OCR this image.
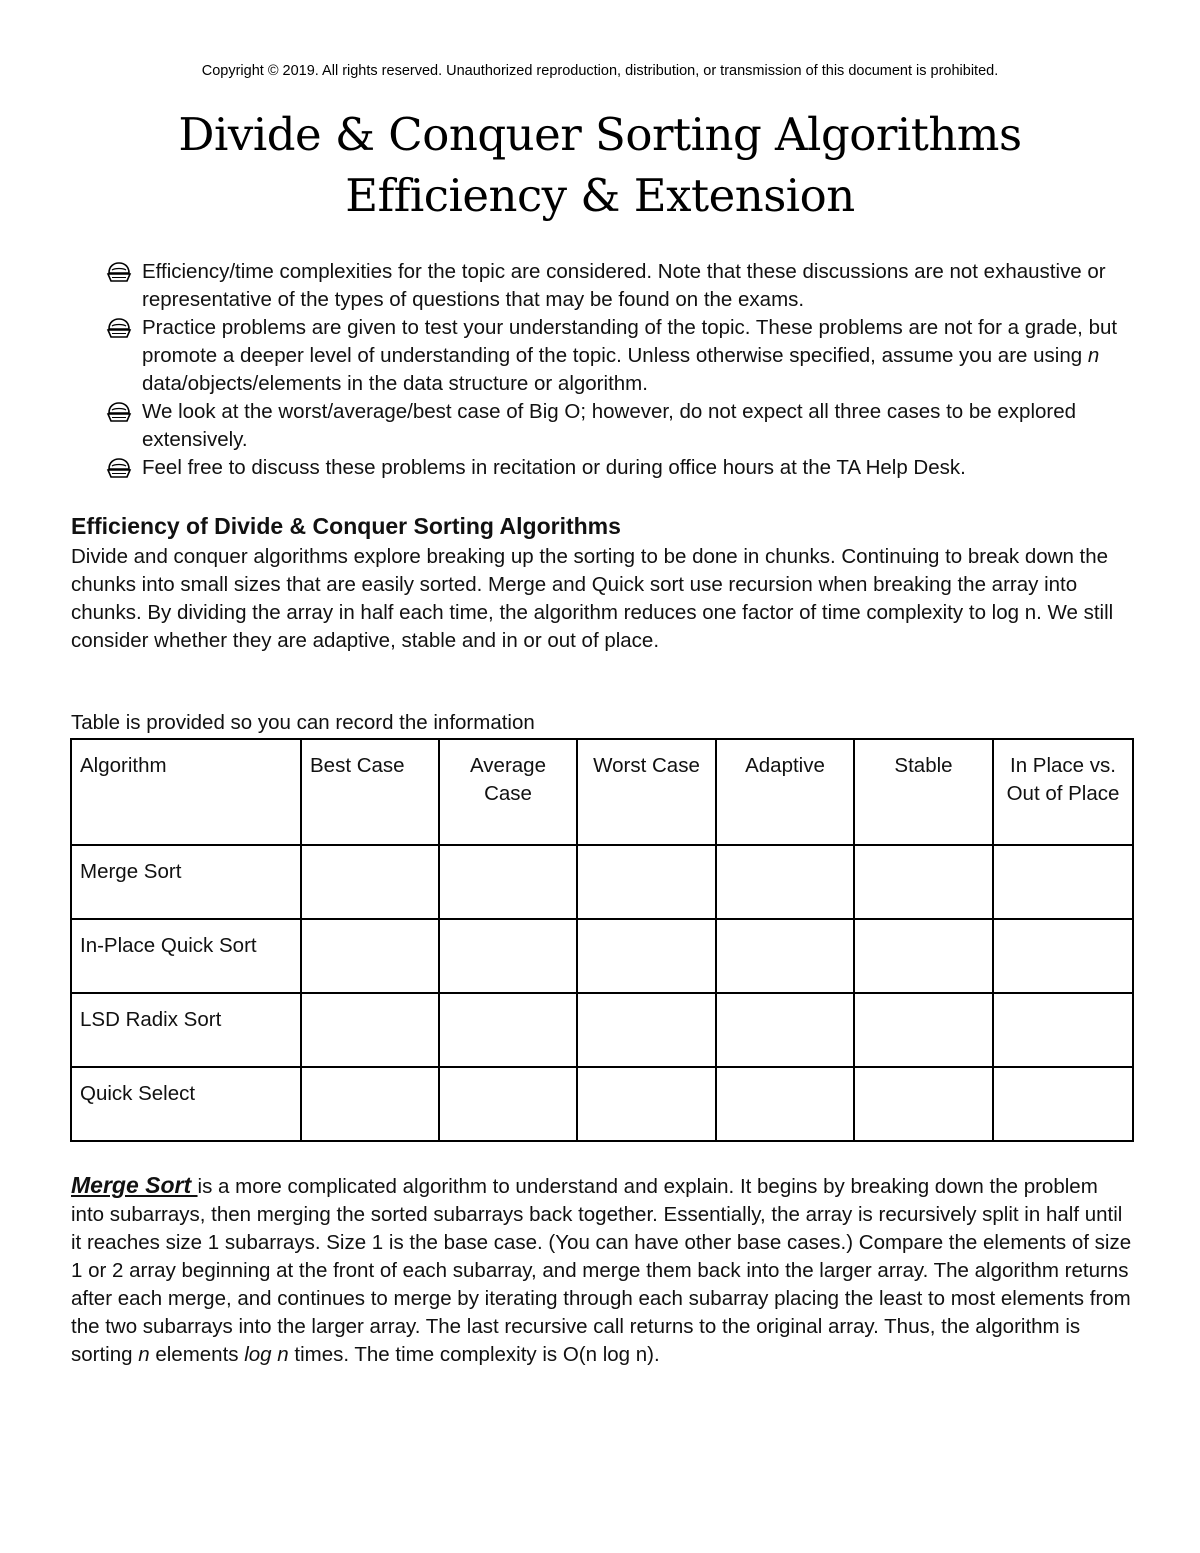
Copyright © 2019. All rights reserved. Unauthorized reproduction, distribution, or transmission of this document is prohibited.
Divide & Conquer Sorting Algorithms
Efficiency & Extension
Efficiency/time complexities for the topic are considered. Note that these discussions are not exhaustive or representative of the types of questions that may be found on the exams.
Practice problems are given to test your understanding of the topic. These problems are not for a grade, but promote a deeper level of understanding of the topic. Unless otherwise specified, assume you are using n data/objects/elements in the data structure or algorithm.
We look at the worst/average/best case of Big O; however, do not expect all three cases to be explored extensively.
Feel free to discuss these problems in recitation or during office hours at the TA Help Desk.
Efficiency of Divide & Conquer Sorting Algorithms
Divide and conquer algorithms explore breaking up the sorting to be done in chunks. Continuing to break down the chunks into small sizes that are easily sorted. Merge and Quick sort use recursion when breaking the array into chunks. By dividing the array in half each time, the algorithm reduces one factor of time complexity to log n. We still consider whether they are adaptive, stable and in or out of place.
Table is provided so you can record the information
Algorithm	Best Case	Average Case	Worst Case	Adaptive	Stable	In Place vs. Out of Place
Merge Sort						
In-Place Quick Sort						
LSD Radix Sort						
Quick Select						
Merge Sort is a more complicated algorithm to understand and explain. It begins by breaking down the problem into subarrays, then merging the sorted subarrays back together. Essentially, the array is recursively split in half until it reaches size 1 subarrays. Size 1 is the base case. (You can have other base cases.) Compare the elements of size 1 or 2 array beginning at the front of each subarray, and merge them back into the larger array. The algorithm returns after each merge, and continues to merge by iterating through each subarray placing the least to most elements from the two subarrays into the larger array. The last recursive call returns to the original array. Thus, the algorithm is sorting n elements log n times. The time complexity is O(n log n).
